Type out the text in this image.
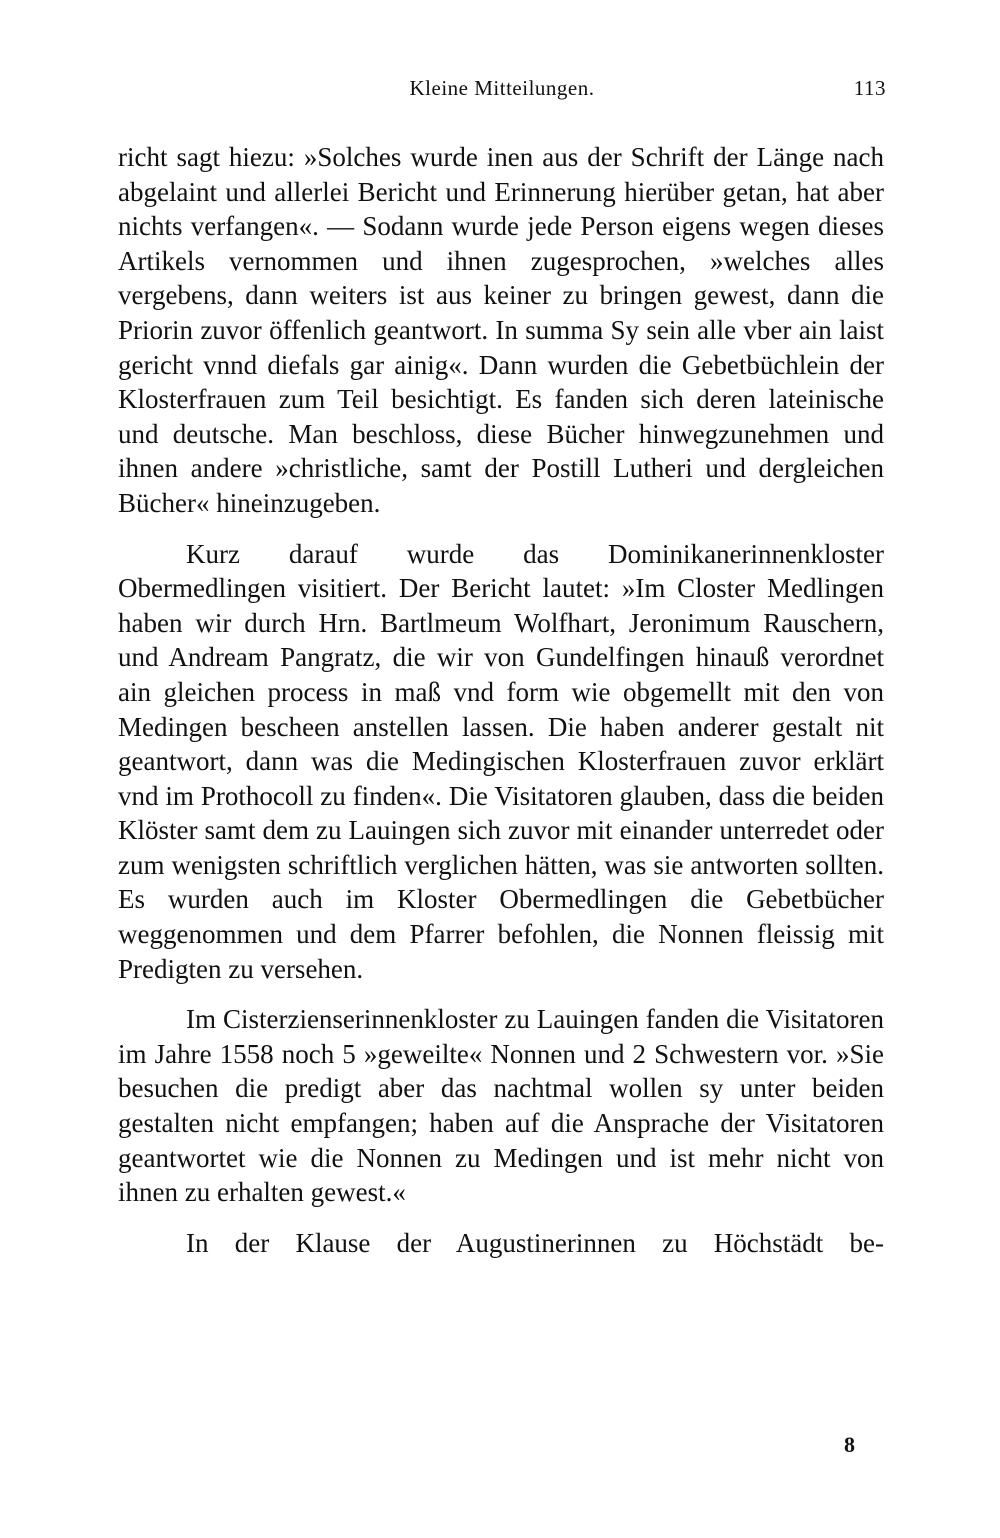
Kleine Mitteilungen.	113

richt sagt hiezu: »Solches wurde inen aus der Schrift der Länge nach abgelaint und allerlei Bericht und Erinnerung hierüber getan, hat aber nichts verfangen«. — Sodann wurde jede Person eigens wegen dieses Artikels vernommen und ihnen zugesprochen, »welches alles vergebens, dann weiters ist aus keiner zu bringen gewest, dann die Priorin zuvor öffenlich geantwort. In summa Sy sein alle vber ain laist gericht vnnd diefals gar ainig«. Dann wurden die Gebetbüchlein der Klosterfrauen zum Teil besichtigt. Es fanden sich deren lateinische und deutsche. Man beschloss, diese Bücher hinwegzunehmen und ihnen andere »christliche, samt der Postill Lutheri und dergleichen Bücher« hineinzugeben.

Kurz darauf wurde das Dominikanerinnenkloster Obermedlingen visitiert. Der Bericht lautet: »Im Closter Medlingen haben wir durch Hrn. Bartlmeum Wolfhart, Jeronimum Rauschern, und Andream Pangratz, die wir von Gundelfingen hinauß verordnet ain gleichen process in maß vnd form wie obgemellt mit den von Medingen bescheen anstellen lassen. Die haben anderer gestalt nit geantwort, dann was die Medingischen Klosterfrauen zuvor erklärt vnd im Prothocoll zu finden«. Die Visitatoren glauben, dass die beiden Klöster samt dem zu Lauingen sich zuvor mit einander unterredet oder zum wenigsten schriftlich verglichen hätten, was sie antworten sollten. Es wurden auch im Kloster Obermedlingen die Gebetbücher weggenommen und dem Pfarrer befohlen, die Nonnen fleissig mit Predigten zu versehen.

Im Cisterzienserinnenkloster zu Lauingen fanden die Visitatoren im Jahre 1558 noch 5 »geweilte« Nonnen und 2 Schwestern vor. »Sie besuchen die predigt aber das nachtmal wollen sy unter beiden gestalten nicht empfangen; haben auf die Ansprache der Visitatoren geantwortet wie die Nonnen zu Medingen und ist mehr nicht von ihnen zu erhalten gewest.«

In der Klause der Augustinerinnen zu Höchstädt be-

8
